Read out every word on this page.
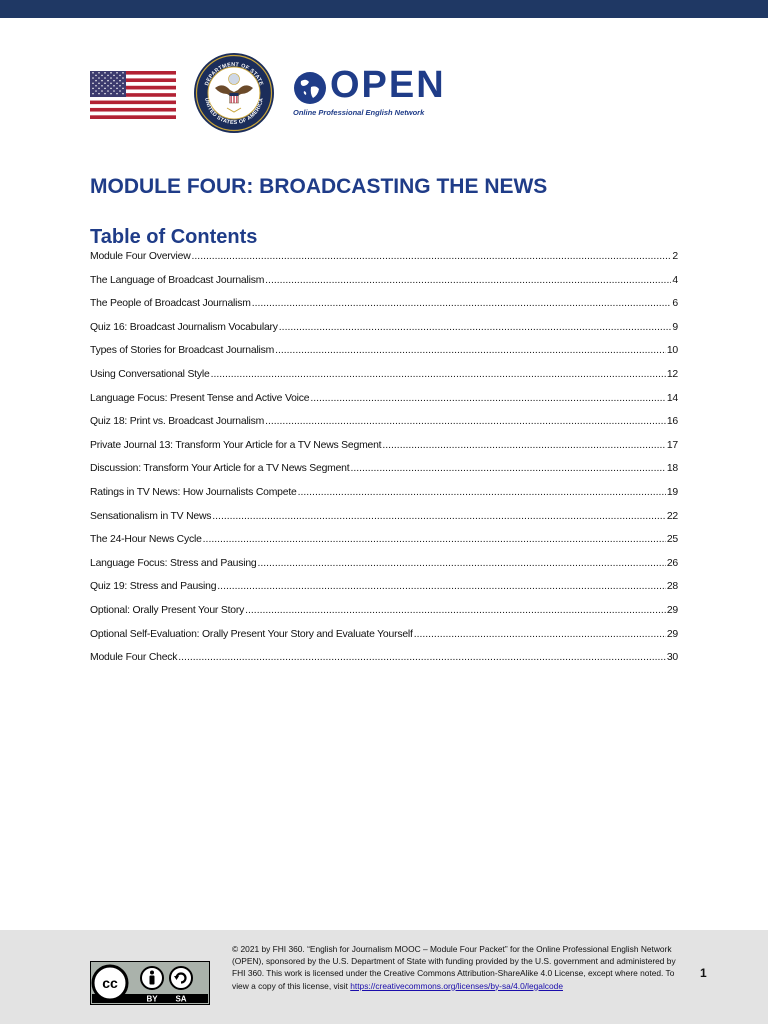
DEPARTMENT OF STATE
UNITED STATES OF AMERICA OPEN
Online Professional English Network
MODULE FOUR: BROADCASTING THE NEWS
Table of Contents
Module Four Overview .....	2
The Language of Broadcast Journalism .....	4
The People of Broadcast Journalism .....	6
Quiz 16: Broadcast Journalism Vocabulary .....	9
Types of Stories for Broadcast Journalism .....	10
Using Conversational Style .....	12
Language Focus: Present Tense and Active Voice .....	14
Quiz 18: Print vs. Broadcast Journalism .....	16
Private Journal 13: Transform Your Article for a TV News Segment .....	17
Discussion: Transform Your Article for a TV News Segment .....	18
Ratings in TV News: How Journalists Compete .....	19
Sensationalism in TV News .....	22
The 24-Hour News Cycle .....	25
Language Focus: Stress and Pausing .....	26
Quiz 19: Stress and Pausing .....	28
Optional: Orally Present Your Story .....	29
Optional Self-Evaluation: Orally Present Your Story and Evaluate Yourself .....	29
Module Four Check .....	30
cc
BY SA

© 2021 by FHI 360. “English for Journalism MOOC – Module Four Packet” for the Online Professional English Network (OPEN), sponsored by the U.S. Department of State with funding provided by the U.S. government and administered by FHI 360. This work is licensed under the Creative Commons Attribution-ShareAlike 4.0 License, except where noted. To view a copy of this license, visit https://creativecommons.org/licenses/by-sa/4.0/legalcode

1
